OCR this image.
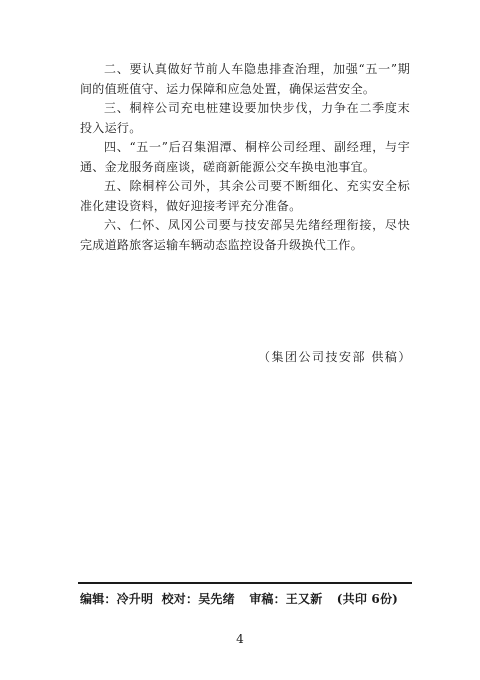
二、要认真做好节前人车隐患排查治理，加强“五一”期间的值班值守、运力保障和应急处置，确保运营安全。

三、桐梓公司充电桩建设要加快步伐，力争在二季度末投入运行。

四、“五一”后召集湄潭、桐梓公司经理、副经理，与宇通、金龙服务商座谈，磋商新能源公交车换电池事宜。

五、除桐梓公司外，其余公司要不断细化、充实安全标准化建设资料，做好迎接考评充分准备。

六、仁怀、凤冈公司要与技安部吴先绪经理衔接，尽快完成道路旅客运输车辆动态监控设备升级换代工作。

（集团公司技安部 供稿）
编辑：冷升明 校对：吴先绪 审稿：王又新 (共印 6份)
4
